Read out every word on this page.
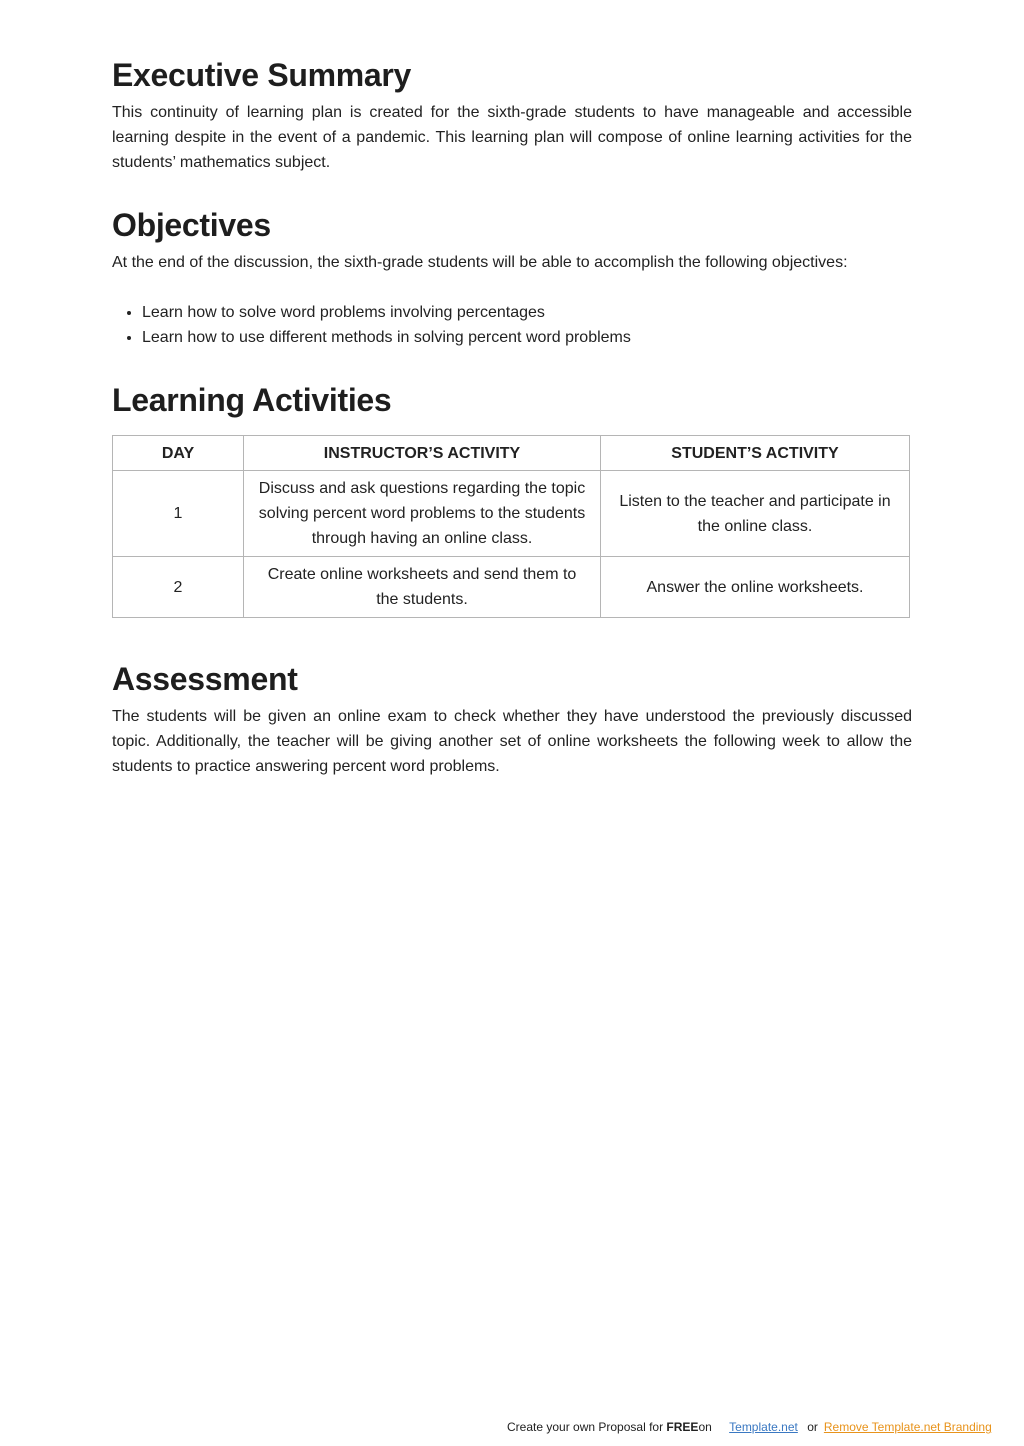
Executive Summary

This continuity of learning plan is created for the sixth-grade students to have manageable and accessible learning despite in the event of a pandemic. This learning plan will compose of online learning activities for the students’ mathematics subject.

Objectives

At the end of the discussion, the sixth-grade students will be able to accomplish the following objectives:

• Learn how to solve word problems involving percentages
• Learn how to use different methods in solving percent word problems
Learning Activities
DAY	INSTRUCTOR’S ACTIVITY	STUDENT’S ACTIVITY
1	Discuss and ask questions regarding the topic solving percent word problems to the students through having an online class.	Listen to the teacher and participate in the online class.
2	Create online worksheets and send them to the students.	Answer the online worksheets.
Assessment

The students will be given an online exam to check whether they have understood the previously discussed topic. Additionally, the teacher will be giving another set of online worksheets the following week to allow the students to practice answering percent word problems.

Create your own Proposal for FREEon Template.net or Remove Template.net Branding
